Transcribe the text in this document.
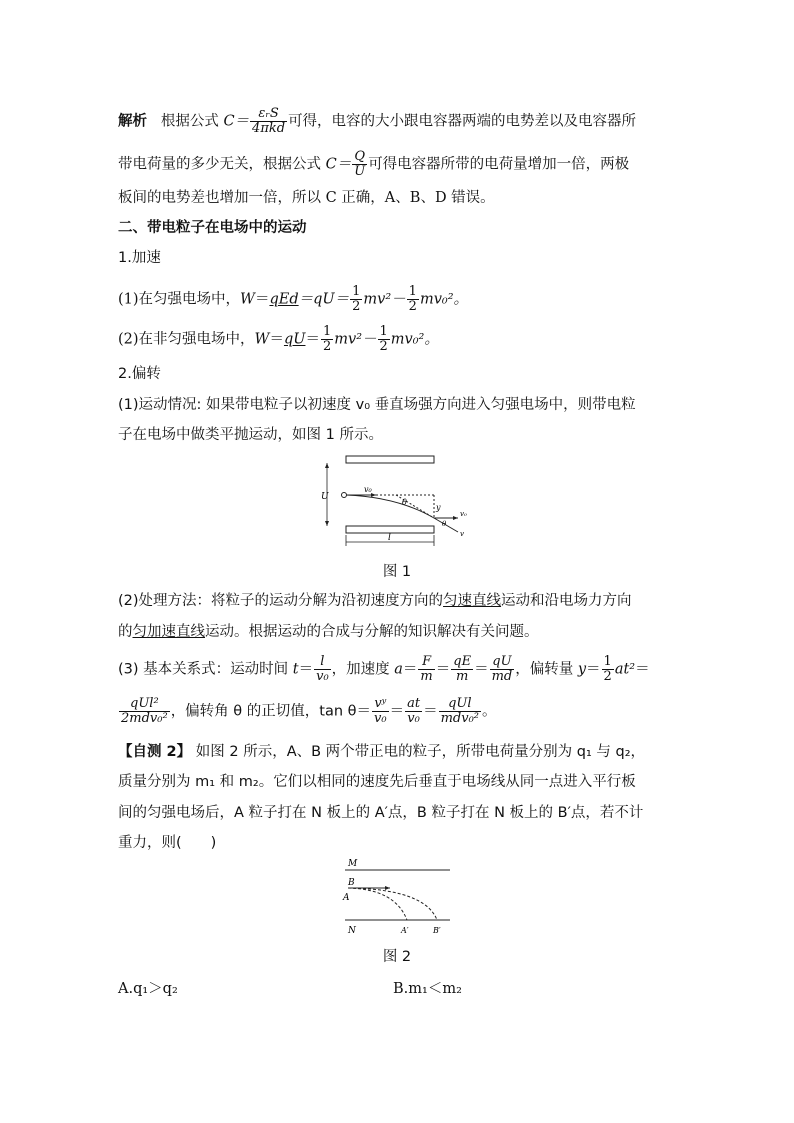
解析 根据公式 $C= \frac{\text{εᵣS}}{\text{4πkd}}$ 可得，电容的大小跟电容器两端的电势差以及电容器所
带电荷量的多少无关，根据公式 $C= \frac{Q}{U}$ 可得电容器所带的电荷量增加一倍，两极
板间的电势差也增加一倍，所以 C 正确，A、B、D 错误。
二、带电粒子在电场中的运动
1.加速
(1)在匀强电场中，$W=qEd=qU= \frac{1}{2} mv^2- \frac{1}{2} mv_0^2$。
(2)在非匀强电场中，$W=qU= \frac{1}{2} mv^2- \frac{1}{2} mv_0^2$。
2.偏转
(1)运动情况: 如果带电粒子以初速度 v₀ 垂直场强方向进入匀强电场中，则带电粒
子在电场中做类平抛运动，如图 1 所示。
U
v₀
θ
y
v₀
v
θ
l
图 1
(2)处理方法：将粒子的运动分解为沿初速度方向的匀速直线运动和沿电场力方向
的匀加速直线运动。根据运动的合成与分解的知识解决有关问题。
(3) 基本关系式：运动时间 $t= \frac{l}{\text{v₀}}$ ，加速度 $a= \frac{F}{m} = \frac{qE}{m} = \frac{qU}{md}$ ，偏转量 $y= \frac{1}{2} at^2=$
$\frac{\text{qUl²}}{\text{2mdv₀²}}$ ，偏转角 θ 的正切值，$\tan \theta= \frac{\text{vʸ}}{\text{v₀}} = \frac{at}{\text{v₀}} = \frac{\text{qUl}}{\text{mdv₀²}}$ 。
【自测 2】 如图 2 所示，A、B 两个带正电的粒子，所带电荷量分别为 q₁ 与 q₂，
质量分别为 m₁ 和 m₂。它们以相同的速度先后垂直于电场线从同一点进入平行板
间的匀强电场后，A 粒子打在 N 板上的 A′点，B 粒子打在 N 板上的 B′点，若不计
重力，则(　　)
M
B
A
N	A′	B′
图 2
A.q₁＞q₂	B.m₁＜m₂
